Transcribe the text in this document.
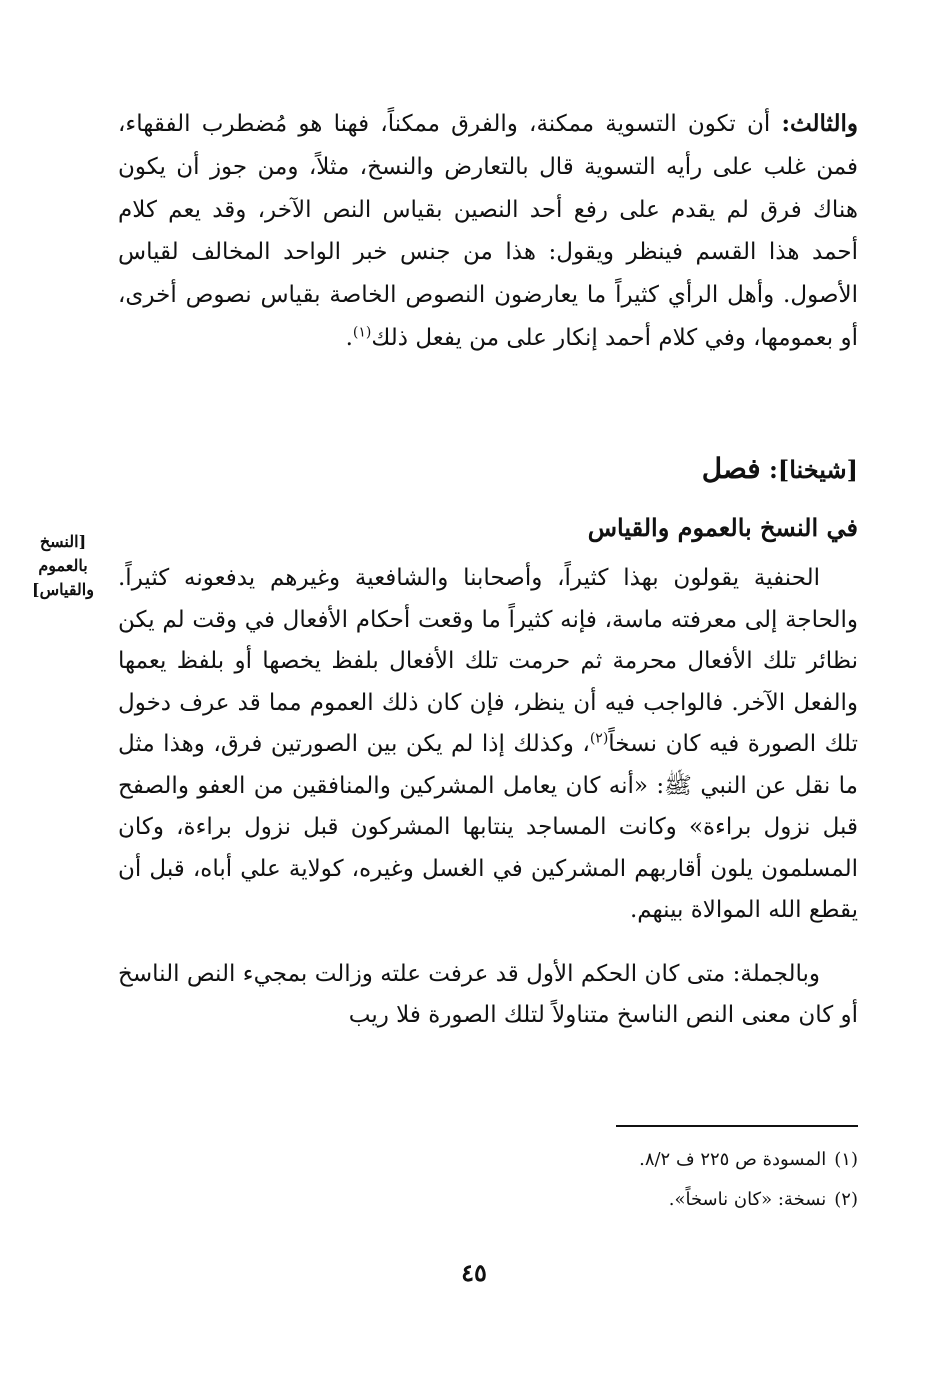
والثالث: أن تكون التسوية ممكنة، والفرق ممكناً، فهنا هو مُضطرب الفقهاء، فمن غلب على رأيه التسوية قال بالتعارض والنسخ، مثلاً، ومن جوز أن يكون هناك فرق لم يقدم على رفع أحد النصين بقياس النص الآخر، وقد يعم كلام أحمد هذا القسم فينظر ويقول: هذا من جنس خبر الواحد المخالف لقياس الأصول. وأهل الرأي كثيراً ما يعارضون النصوص الخاصة بقياس نصوص أخرى، أو بعمومها، وفي كلام أحمد إنكار على من يفعل ذلك$^{(١)}$.

[شيخنا]: فصل
في النسخ بالعموم والقياس
[النسخ بالعموم والقياس]	الحنفية يقولون بهذا كثيراً، وأصحابنا والشافعية وغيرهم يدفعونه كثيراً. والحاجة إلى معرفته ماسة، فإنه كثيراً ما وقعت أحكام الأفعال في وقت لم يكن نظائر تلك الأفعال محرمة ثم حرمت تلك الأفعال بلفظ يخصها أو بلفظ يعمها والفعل الآخر. فالواجب فيه أن ينظر، فإن كان ذلك العموم مما قد عرف دخول تلك الصورة فيه كان نسخاً$^{(٢)}$، وكذلك إذا لم يكن بين الصورتين فرق، وهذا مثل ما نقل عن النبي ﷺ: «أنه كان يعامل المشركين والمنافقين من العفو والصفح قبل نزول براءة» وكانت المساجد ينتابها المشركون قبل نزول براءة، وكان المسلمون يلون أقاربهم المشركين في الغسل وغيره، كولاية علي أباه، قبل أن يقطع الله الموالاة بينهم.

وبالجملة: متى كان الحكم الأول قد عرفت علته وزالت بمجيء النص الناسخ أو كان معنى النص الناسخ متناولاً لتلك الصورة فلا ريب

(١)المسودة ص ٢٢٥ ف ٨/٢.

(٢)نسخة: «كان ناسخاً».

٤٥
